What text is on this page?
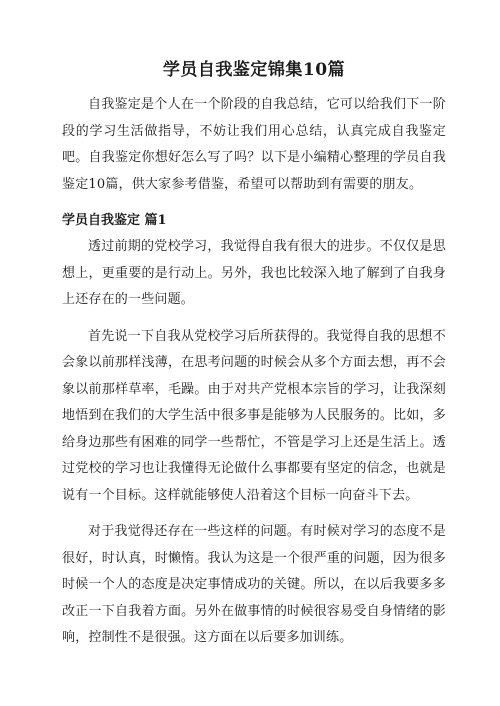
学员自我鉴定锦集10篇

自我鉴定是个人在一个阶段的自我总结，它可以给我们下一阶段的学习生活做指导，不妨让我们用心总结，认真完成自我鉴定吧。自我鉴定你想好怎么写了吗？以下是小编精心整理的学员自我鉴定10篇，供大家参考借鉴，希望可以帮助到有需要的朋友。

学员自我鉴定 篇1

透过前期的党校学习，我觉得自我有很大的进步。不仅仅是思想上，更重要的是行动上。另外，我也比较深入地了解到了自我身上还存在的一些问题。

首先说一下自我从党校学习后所获得的。我觉得自我的思想不会象以前那样浅薄，在思考问题的时候会从多个方面去想，再不会象以前那样草率，毛躁。由于对共产党根本宗旨的学习，让我深刻地悟到在我们的大学生活中很多事是能够为人民服务的。比如，多给身边那些有困难的同学一些帮忙，不管是学习上还是生活上。透过党校的学习也让我懂得无论做什么事都要有坚定的信念，也就是说有一个目标。这样就能够使人沿着这个目标一向奋斗下去。

对于我觉得还存在一些这样的问题。有时候对学习的态度不是很好，时认真，时懒惰。我认为这是一个很严重的问题，因为很多时候一个人的态度是决定事情成功的关键。所以，在以后我要多多改正一下自我着方面。另外在做事情的时候很容易受自身情绪的影响，控制性不是很强。这方面在以后要多加训练。
